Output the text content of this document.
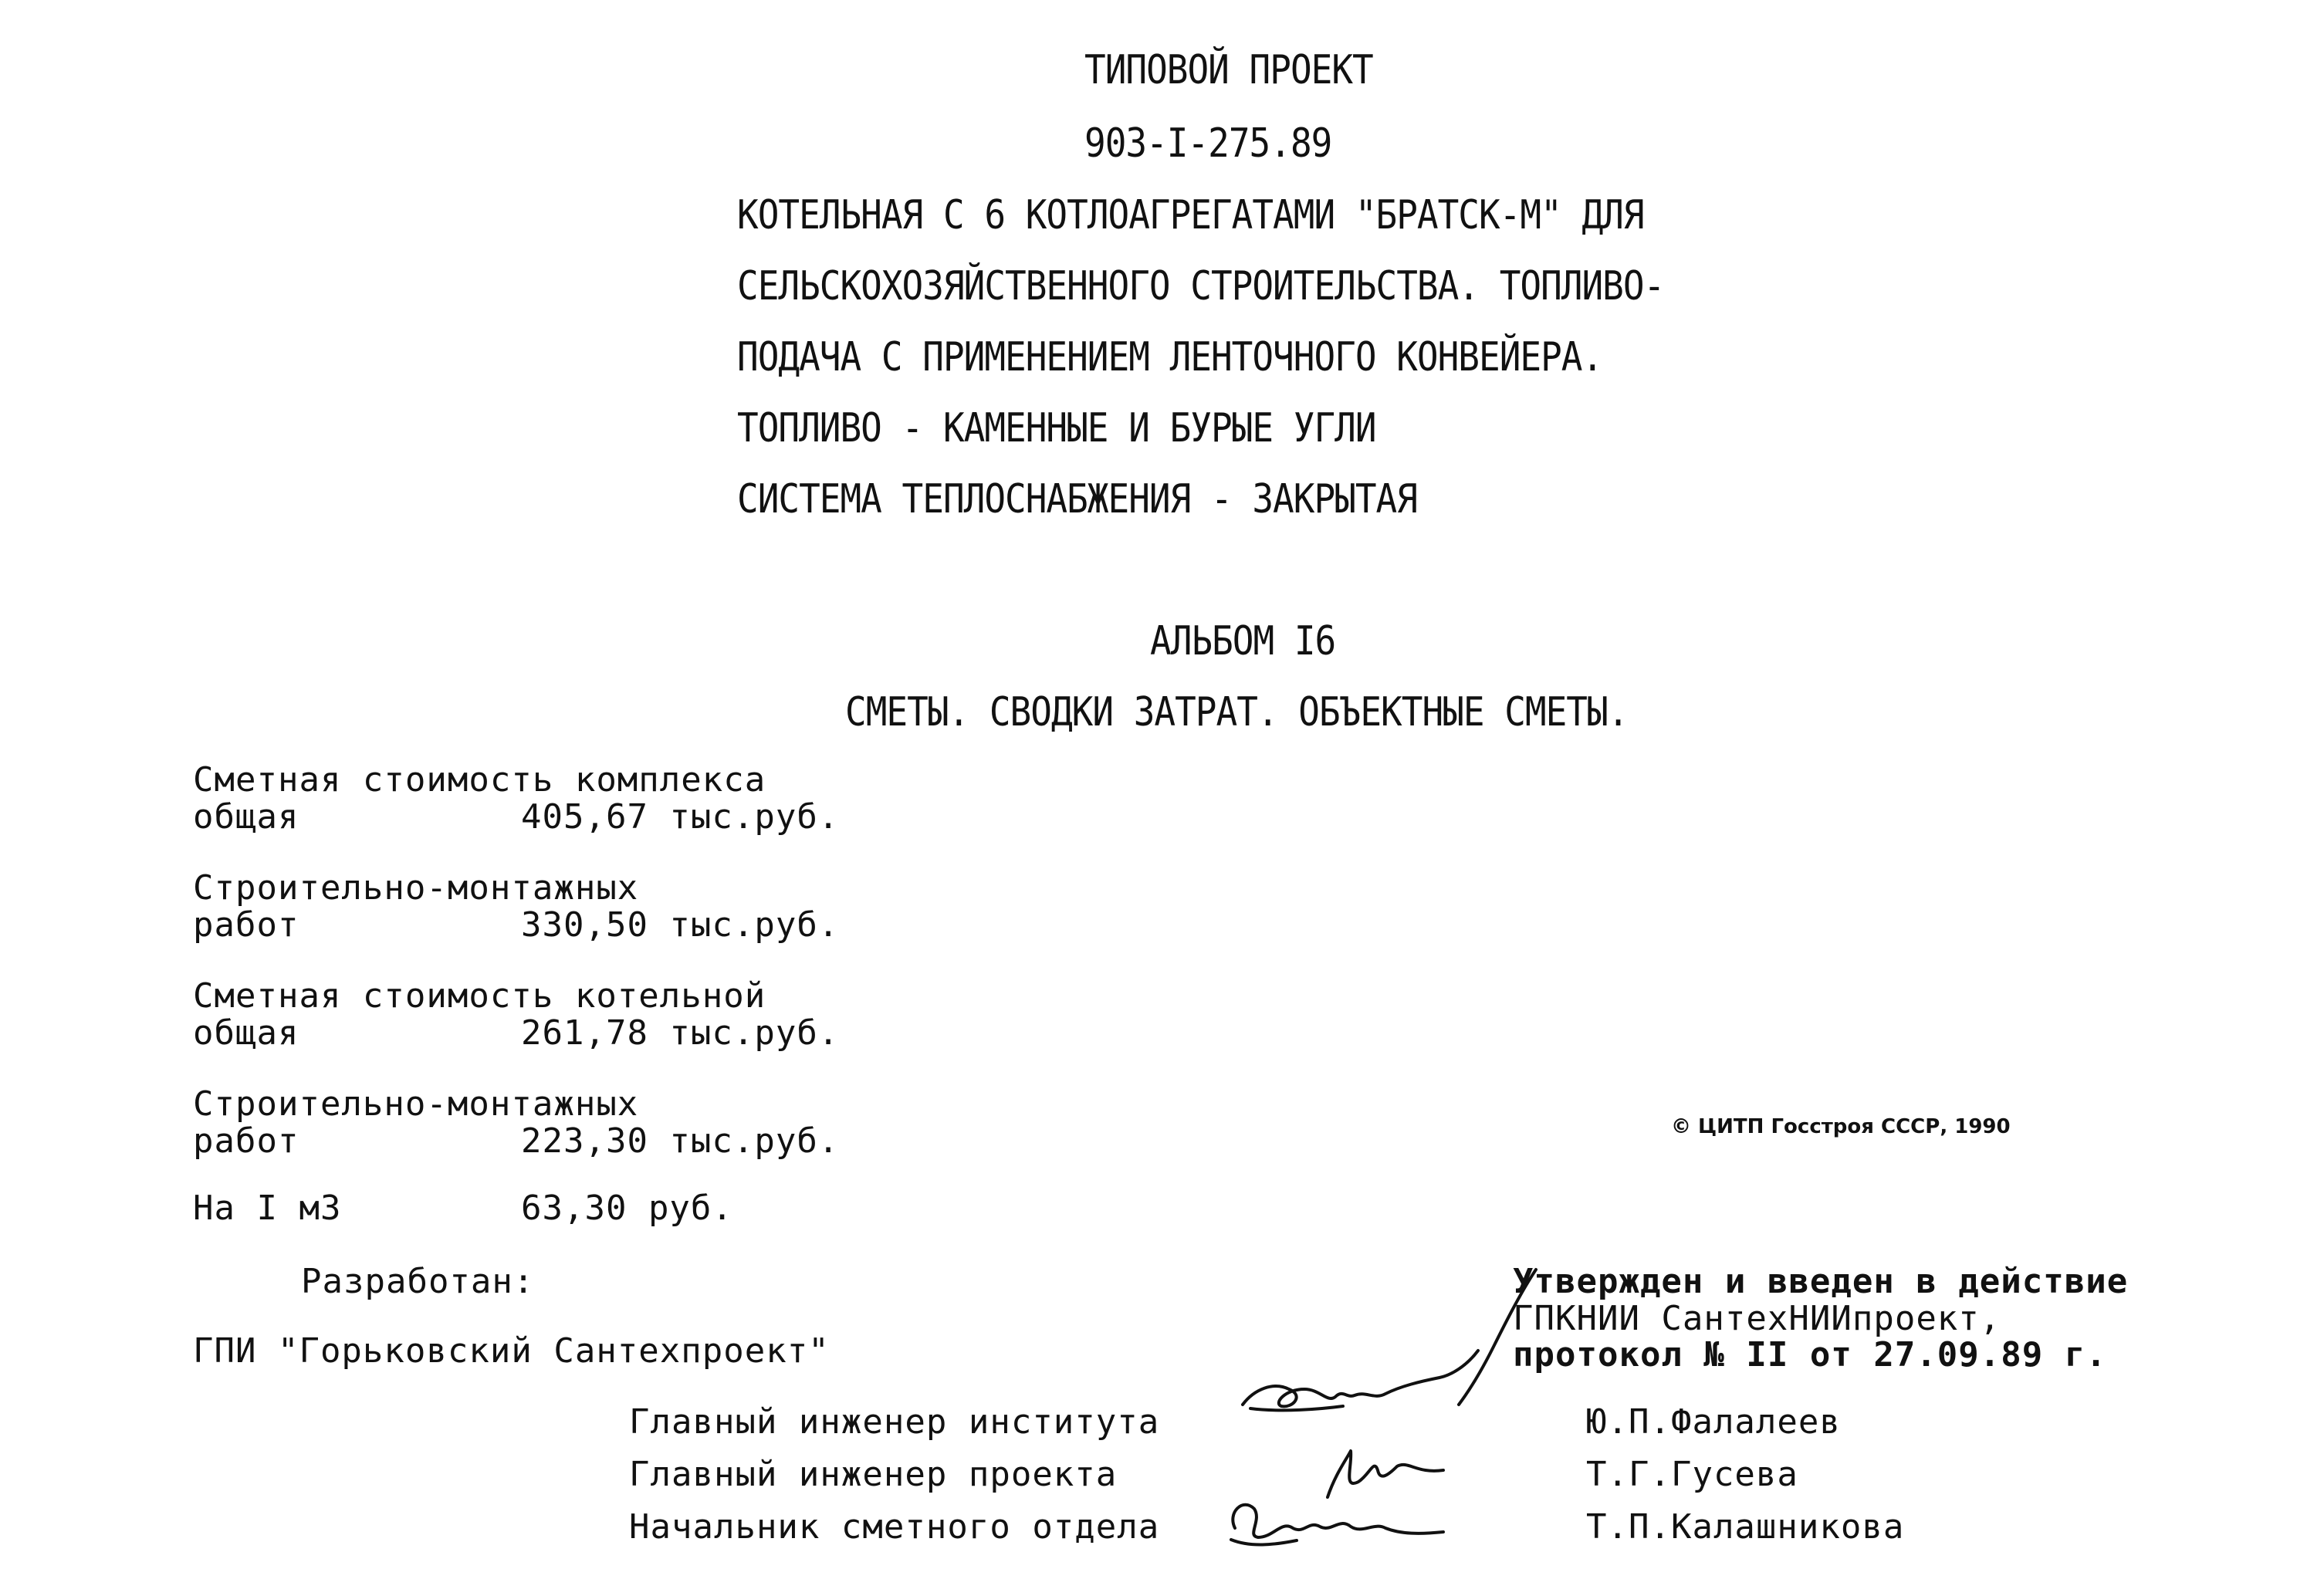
ТИПОВОЙ ПРОЕКТ
903-I-275.89
КОТЕЛЬНАЯ С 6 КОТЛОАГРЕГАТАМИ "БРАТСК-М" ДЛЯ
СЕЛЬСКОХОЗЯЙСТВЕННОГО СТРОИТЕЛЬСТВА. ТОПЛИВО-
ПОДАЧА С ПРИМЕНЕНИЕМ ЛЕНТОЧНОГО КОНВЕЙЕРА.
ТОПЛИВО - КАМЕННЫЕ И БУРЫЕ УГЛИ
СИСТЕМА ТЕПЛОСНАБЖЕНИЯ - ЗАКРЫТАЯ
АЛЬБОМ I6
СМЕТЫ. СВОДКИ ЗАТРАТ. ОБЪЕКТНЫЕ СМЕТЫ.
Сметная стоимость комплекса
общая	405,67 тыс.руб.
Строительно-монтажных
работ	330,50 тыс.руб.
Сметная стоимость котельной
общая	261,78 тыс.руб.
Строительно-монтажных
работ	223,30 тыс.руб.
На I м3	63,30 руб.
© ЦИТП Госстроя СССР, 1990
Разработан:
ГПИ "Горьковский Сантехпроект"
Утвержден и введен в действие
ГПКНИИ СантехНИИпроект,
протокол № II от 27.09.89 г.
Главный инженер института	Ю.П.Фалалеев
Главный инженер проекта	Т.Г.Гусева
Начальник сметного отдела	Т.П.Калашникова
